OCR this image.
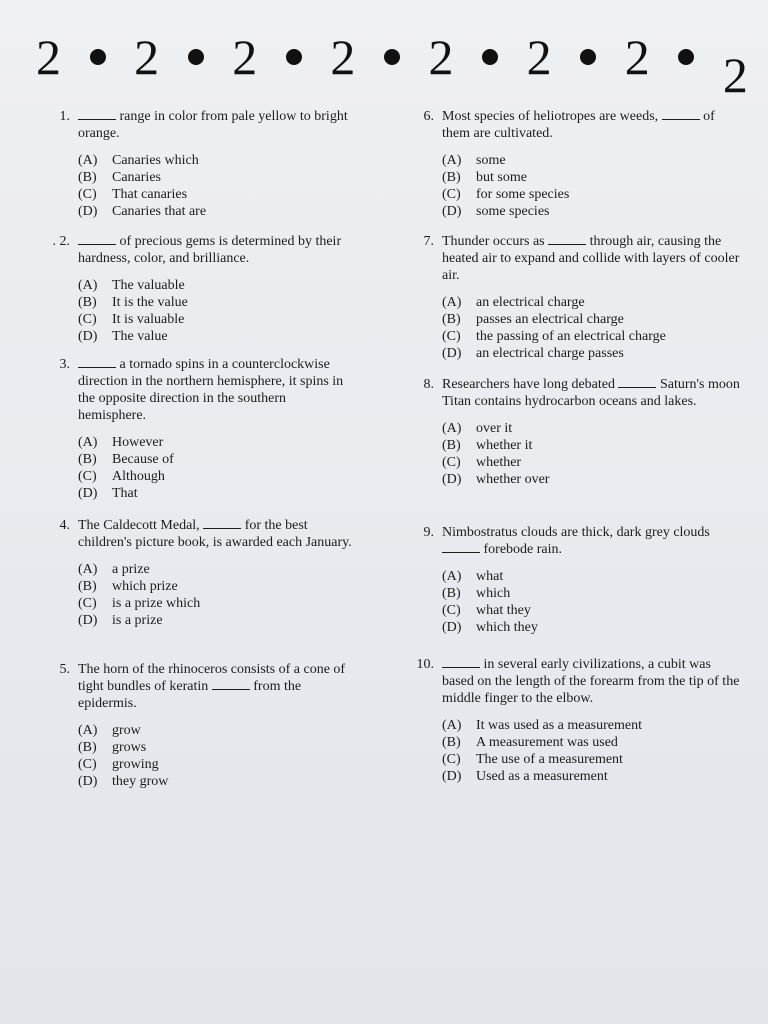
2 2 2 2 2 2 2 2
1.	range in color from pale yellow to bright orange.
(A)	Canaries which
(B)	Canaries
(C)	That canaries
(D)	Canaries that are
. 2.	of precious gems is determined by their hardness, color, and brilliance.
(A)	The valuable
(B)	It is the value
(C)	It is valuable
(D)	The value
3.	a tornado spins in a counterclockwise direction in the northern hemisphere, it spins in the opposite direction in the southern hemisphere.
(A)	However
(B)	Because of
(C)	Although
(D)	That
4. The Caldecott Medal,	for the best children's picture book, is awarded each January.
(A)	a prize
(B)	which prize
(C)	is a prize which
(D)	is a prize
5. The horn of the rhinoceros consists of a cone of tight bundles of keratin	from the epidermis.
(A)	grow
(B)	grows
(C)	growing
(D)	they grow
6. Most species of heliotropes are weeds,	of them are cultivated.
(A)	some
(B)	but some
(C)	for some species
(D)	some species
7. Thunder occurs as	through air, causing the heated air to expand and collide with layers of cooler air.
(A)	an electrical charge
(B)	passes an electrical charge
(C)	the passing of an electrical charge
(D)	an electrical charge passes
8. Researchers have long debated	Saturn's moon Titan contains hydrocarbon oceans and lakes.
(A)	over it
(B)	whether it
(C)	whether
(D)	whether over
9. Nimbostratus clouds are thick, dark grey clouds  forebode rain.
(A)	what
(B)	which
(C)	what they
(D)	which they
10.	in several early civilizations, a cubit was based on the length of the forearm from the tip of the middle finger to the elbow.
(A)	It was used as a measurement
(B)	A measurement was used
(C)	The use of a measurement
(D)	Used as a measurement
